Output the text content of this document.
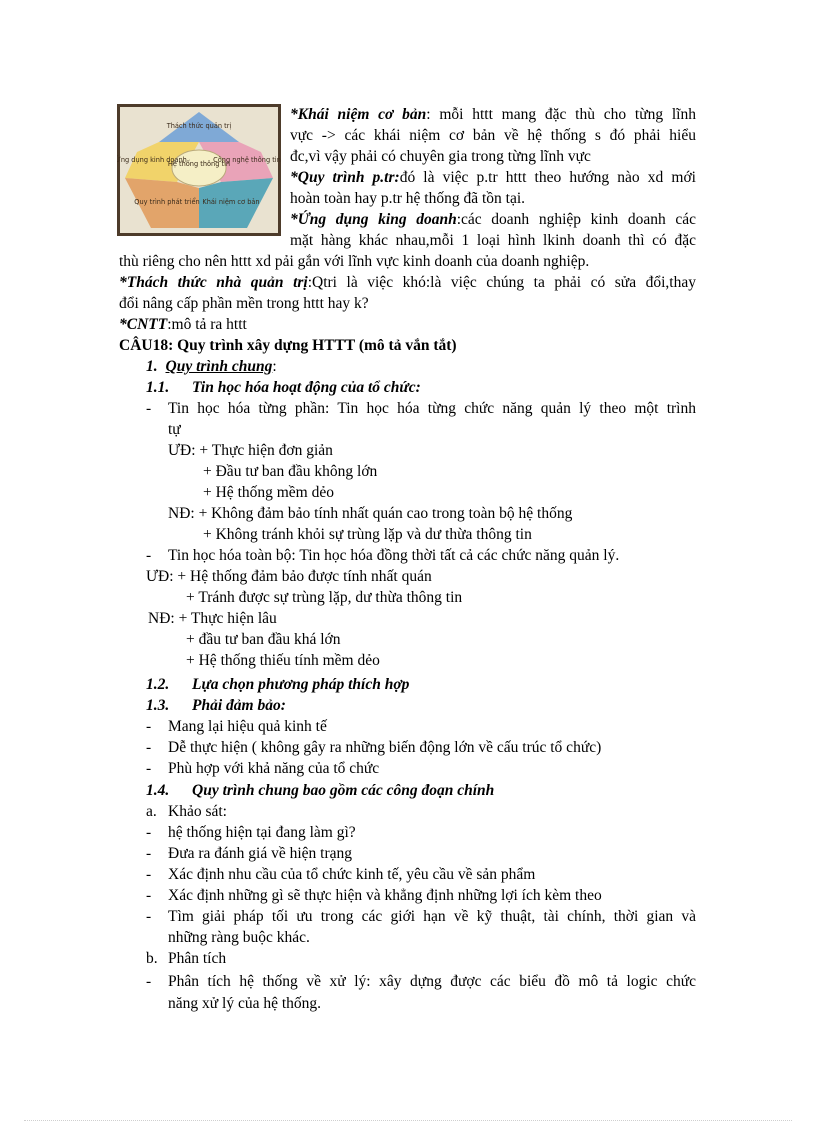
Thách thức quản trị
Ứng dụng kinh doanh	Công nghệ thông tin
Hệ thống thông tin
Quy trình phát triển Khái niệm cơ bản
*Khái niệm cơ bản: mỗi httt mang đặc thù cho từng lĩnh
vực -> các khái niệm cơ bản về hệ thống s đó phải hiểu
đc,vì vậy phải có chuyên gia trong từng lĩnh vực
*Quy trình p.tr:đó là việc p.tr httt theo hướng nào xd mới
hoàn toàn hay p.tr hệ thống đã tồn tại.
*Ứng dụng king doanh:các doanh nghiệp kinh doanh các
mặt hàng khác nhau,mỗi 1 loại hình lkinh doanh thì có đặc
thù riêng cho nên httt xd pải gắn với lĩnh vực kinh doanh của doanh nghiệp.
*Thách thức nhà quản trị:Qtri là việc khó:là việc chúng ta phải có sửa đổi,thay
đổi nâng cấp phần mền trong httt hay k?
*CNTT:mô tả ra httt
CÂU18: Quy trình xây dựng HTTT (mô tả vắn tắt)
1. Quy trình chung:
1.1. Tin học hóa hoạt động của tổ chức:
- Tin học hóa từng phần: Tin học hóa từng chức năng quản lý theo một trình
tự
ƯĐ: + Thực hiện đơn giản
+ Đầu tư ban đầu không lớn
+ Hệ thống mềm dẻo
NĐ: + Không đảm bảo tính nhất quán cao trong toàn bộ hệ thống
+ Không tránh khỏi sự trùng lặp và dư thừa thông tin
- Tin học hóa toàn bộ: Tin học hóa đồng thời tất cả các chức năng quản lý.
ƯĐ: + Hệ thống đảm bảo được tính nhất quán
+ Tránh được sự trùng lặp, dư thừa thông tin
NĐ: + Thực hiện lâu
+ đầu tư ban đầu khá lớn
+ Hệ thống thiếu tính mềm dẻo
1.2. Lựa chọn phương pháp thích hợp
1.3. Phải đảm bảo:
- Mang lại hiệu quả kinh tế
- Dễ thực hiện ( không gây ra những biến động lớn về cấu trúc tổ chức)
- Phù hợp với khả năng của tổ chức
1.4. Quy trình chung bao gồm các công đoạn chính
a. Khảo sát:
- hệ thống hiện tại đang làm gì?
- Đưa ra đánh giá về hiện trạng
- Xác định nhu cầu của tổ chức kinh tế, yêu cầu về sản phẩm
- Xác định những gì sẽ thực hiện và khẳng định những lợi ích kèm theo
- Tìm giải pháp tối ưu trong các giới hạn về kỹ thuật, tài chính, thời gian và
những ràng buộc khác.
b. Phân tích
- Phân tích hệ thống về xử lý: xây dựng được các biểu đồ mô tả logic chức
năng xử lý của hệ thống.
